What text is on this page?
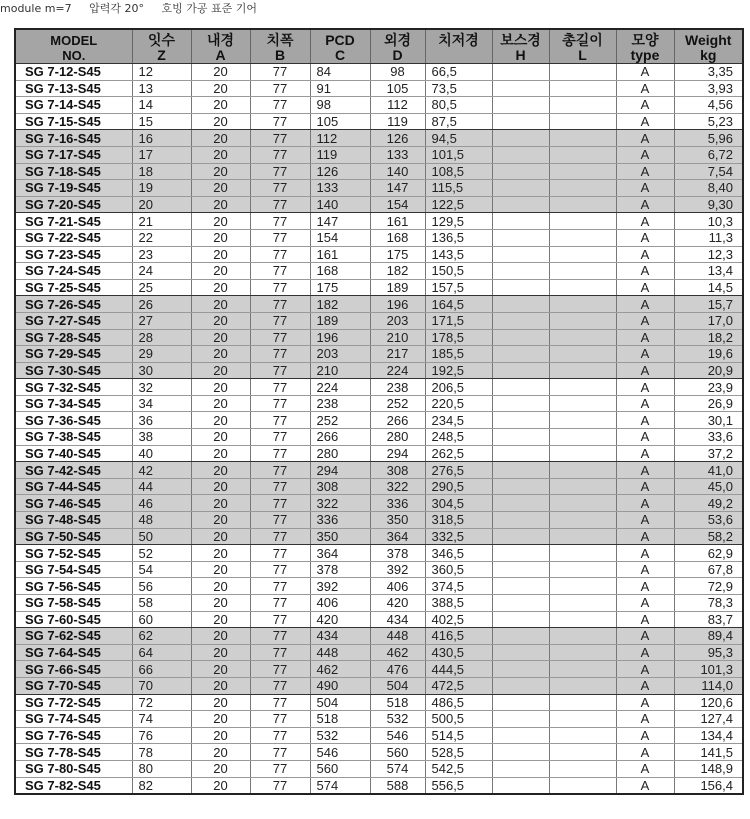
module m=7 압력각 20° 호빙 가공 표준 기어
MODEL	잇수	내경	치폭	PCD	외경	치저경	보스경	총길이	모양	Weight
NO.	Z	A	B	C	D		H	L	type	kg
SG 7-12-S45	12	20	77	84	98	66,5			A	3,35
SG 7-13-S45	13	20	77	91	105	73,5			A	3,93
SG 7-14-S45	14	20	77	98	112	80,5			A	4,56
SG 7-15-S45	15	20	77	105	119	87,5			A	5,23
SG 7-16-S45	16	20	77	112	126	94,5			A	5,96
SG 7-17-S45	17	20	77	119	133	101,5			A	6,72
SG 7-18-S45	18	20	77	126	140	108,5			A	7,54
SG 7-19-S45	19	20	77	133	147	115,5			A	8,40
SG 7-20-S45	20	20	77	140	154	122,5			A	9,30
SG 7-21-S45	21	20	77	147	161	129,5			A	10,3
SG 7-22-S45	22	20	77	154	168	136,5			A	11,3
SG 7-23-S45	23	20	77	161	175	143,5			A	12,3
SG 7-24-S45	24	20	77	168	182	150,5			A	13,4
SG 7-25-S45	25	20	77	175	189	157,5			A	14,5
SG 7-26-S45	26	20	77	182	196	164,5			A	15,7
SG 7-27-S45	27	20	77	189	203	171,5			A	17,0
SG 7-28-S45	28	20	77	196	210	178,5			A	18,2
SG 7-29-S45	29	20	77	203	217	185,5			A	19,6
SG 7-30-S45	30	20	77	210	224	192,5			A	20,9
SG 7-32-S45	32	20	77	224	238	206,5			A	23,9
SG 7-34-S45	34	20	77	238	252	220,5			A	26,9
SG 7-36-S45	36	20	77	252	266	234,5			A	30,1
SG 7-38-S45	38	20	77	266	280	248,5			A	33,6
SG 7-40-S45	40	20	77	280	294	262,5			A	37,2
SG 7-42-S45	42	20	77	294	308	276,5			A	41,0
SG 7-44-S45	44	20	77	308	322	290,5			A	45,0
SG 7-46-S45	46	20	77	322	336	304,5			A	49,2
SG 7-48-S45	48	20	77	336	350	318,5			A	53,6
SG 7-50-S45	50	20	77	350	364	332,5			A	58,2
SG 7-52-S45	52	20	77	364	378	346,5			A	62,9
SG 7-54-S45	54	20	77	378	392	360,5			A	67,8
SG 7-56-S45	56	20	77	392	406	374,5			A	72,9
SG 7-58-S45	58	20	77	406	420	388,5			A	78,3
SG 7-60-S45	60	20	77	420	434	402,5			A	83,7
SG 7-62-S45	62	20	77	434	448	416,5			A	89,4
SG 7-64-S45	64	20	77	448	462	430,5			A	95,3
SG 7-66-S45	66	20	77	462	476	444,5			A	101,3
SG 7-70-S45	70	20	77	490	504	472,5			A	114,0
SG 7-72-S45	72	20	77	504	518	486,5			A	120,6
SG 7-74-S45	74	20	77	518	532	500,5			A	127,4
SG 7-76-S45	76	20	77	532	546	514,5			A	134,4
SG 7-78-S45	78	20	77	546	560	528,5			A	141,5
SG 7-80-S45	80	20	77	560	574	542,5			A	148,9
SG 7-82-S45	82	20	77	574	588	556,5			A	156,4
